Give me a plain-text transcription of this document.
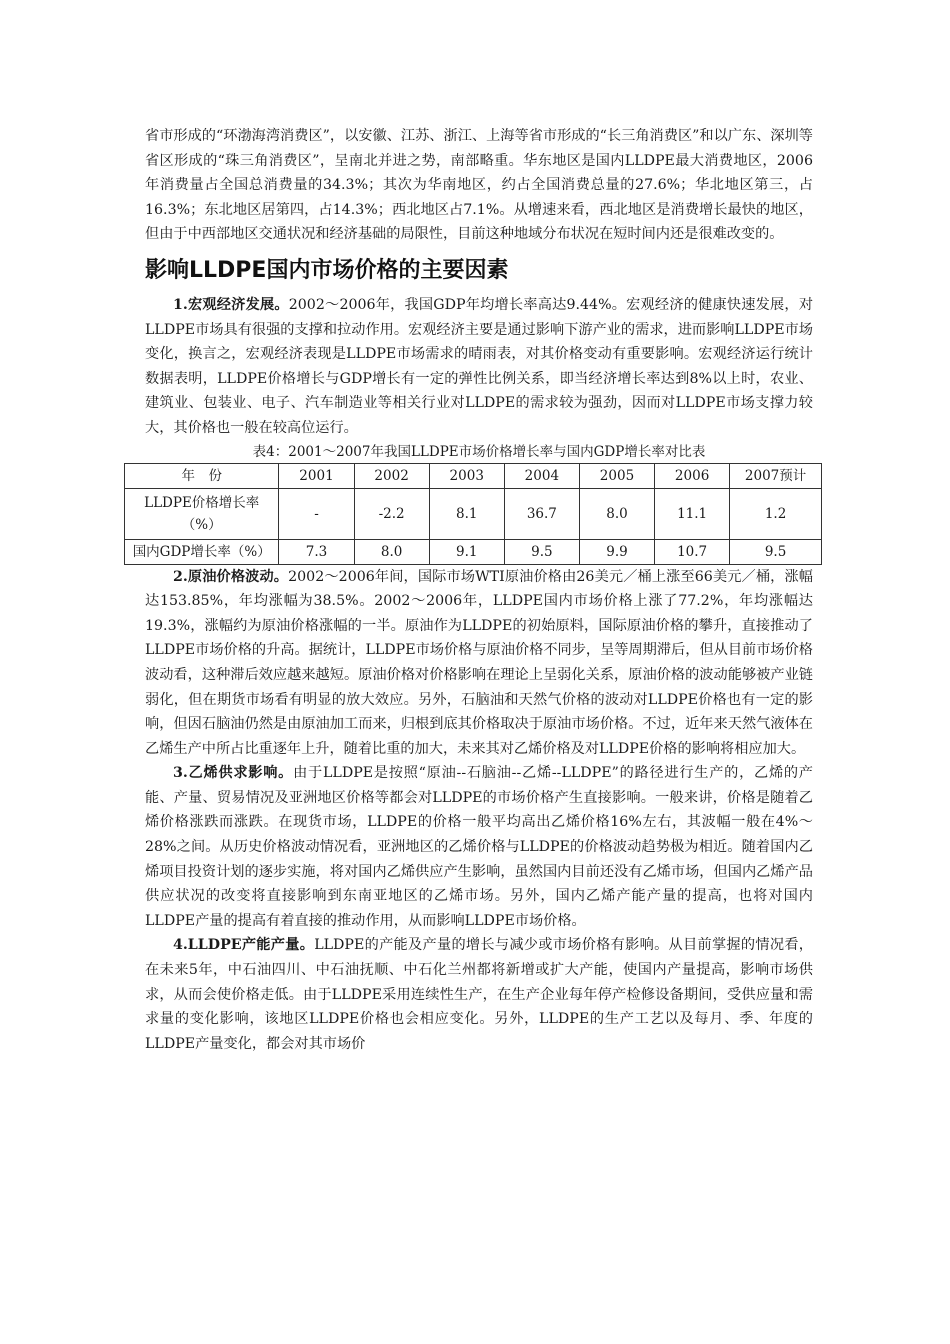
省市形成的“环渤海湾消费区”，以安徽、江苏、浙江、上海等省市形成的“长三角消费区”和以广东、深圳等省区形成的“珠三角消费区”，呈南北并进之势，南部略重。华东地区是国内LLDPE最大消费地区，2006年消费量占全国总消费量的34.3%；其次为华南地区，约占全国消费总量的27.6%；华北地区第三，占16.3%；东北地区居第四，占14.3%；西北地区占7.1%。从增速来看，西北地区是消费增长最快的地区，但由于中西部地区交通状况和经济基础的局限性，目前这种地域分布状况在短时间内还是很难改变的。

影响LLDPE国内市场价格的主要因素

1.宏观经济发展。2002～2006年，我国GDP年均增长率高达9.44%。宏观经济的健康快速发展，对LLDPE市场具有很强的支撑和拉动作用。宏观经济主要是通过影响下游产业的需求，进而影响LLDPE市场变化，换言之，宏观经济表现是LLDPE市场需求的晴雨表，对其价格变动有重要影响。宏观经济运行统计数据表明，LLDPE价格增长与GDP增长有一定的弹性比例关系，即当经济增长率达到8%以上时，农业、建筑业、包装业、电子、汽车制造业等相关行业对LLDPE的需求较为强劲，因而对LLDPE市场支撑力较大，其价格也一般在较高位运行。

表4：2001～2007年我国LLDPE市场价格增长率与国内GDP增长率对比表
年　份	2001	2002	2003	2004	2005	2006	2007预计
LLDPE价格增长率
（%）	-	-2.2	8.1	36.7	8.0	11.1	1.2
国内GDP增长率（%）	7.3	8.0	9.1	9.5	9.9	10.7	9.5

2.原油价格波动。2002～2006年间，国际市场WTI原油价格由26美元／桶上涨至66美元／桶，涨幅达153.85%，年均涨幅为38.5%。2002～2006年，LLDPE国内市场价格上涨了77.2%，年均涨幅达19.3%，涨幅约为原油价格涨幅的一半。原油作为LLDPE的初始原料，国际原油价格的攀升，直接推动了LLDPE市场价格的升高。据统计，LLDPE市场价格与原油价格不同步，呈等周期滞后，但从目前市场价格波动看，这种滞后效应越来越短。原油价格对价格影响在理论上呈弱化关系，原油价格的波动能够被产业链弱化，但在期货市场看有明显的放大效应。另外，石脑油和天然气价格的波动对LLDPE价格也有一定的影响，但因石脑油仍然是由原油加工而来，归根到底其价格取决于原油市场价格。不过，近年来天然气液体在乙烯生产中所占比重逐年上升，随着比重的加大，未来其对乙烯价格及对LLDPE价格的影响将相应加大。

3.乙烯供求影响。由于LLDPE是按照“原油--石脑油--乙烯--LLDPE”的路径进行生产的，乙烯的产能、产量、贸易情况及亚洲地区价格等都会对LLDPE的市场价格产生直接影响。一般来讲，价格是随着乙烯价格涨跌而涨跌。在现货市场，LLDPE的价格一般平均高出乙烯价格16%左右，其波幅一般在4%～28%之间。从历史价格波动情况看，亚洲地区的乙烯价格与LLDPE的价格波动趋势极为相近。随着国内乙烯项目投资计划的逐步实施，将对国内乙烯供应产生影响，虽然国内目前还没有乙烯市场，但国内乙烯产品供应状况的改变将直接影响到东南亚地区的乙烯市场。另外，国内乙烯产能产量的提高，也将对国内LLDPE产量的提高有着直接的推动作用，从而影响LLDPE市场价格。

4.LLDPE产能产量。LLDPE的产能及产量的增长与减少或市场价格有影响。从目前掌握的情况看，在未来5年，中石油四川、中石油抚顺、中石化兰州都将新增或扩大产能，使国内产量提高，影响市场供求，从而会使价格走低。由于LLDPE采用连续性生产，在生产企业每年停产检修设备期间，受供应量和需求量的变化影响，该地区LLDPE价格也会相应变化。另外，LLDPE的生产工艺以及每月、季、年度的LLDPE产量变化，都会对其市场价
